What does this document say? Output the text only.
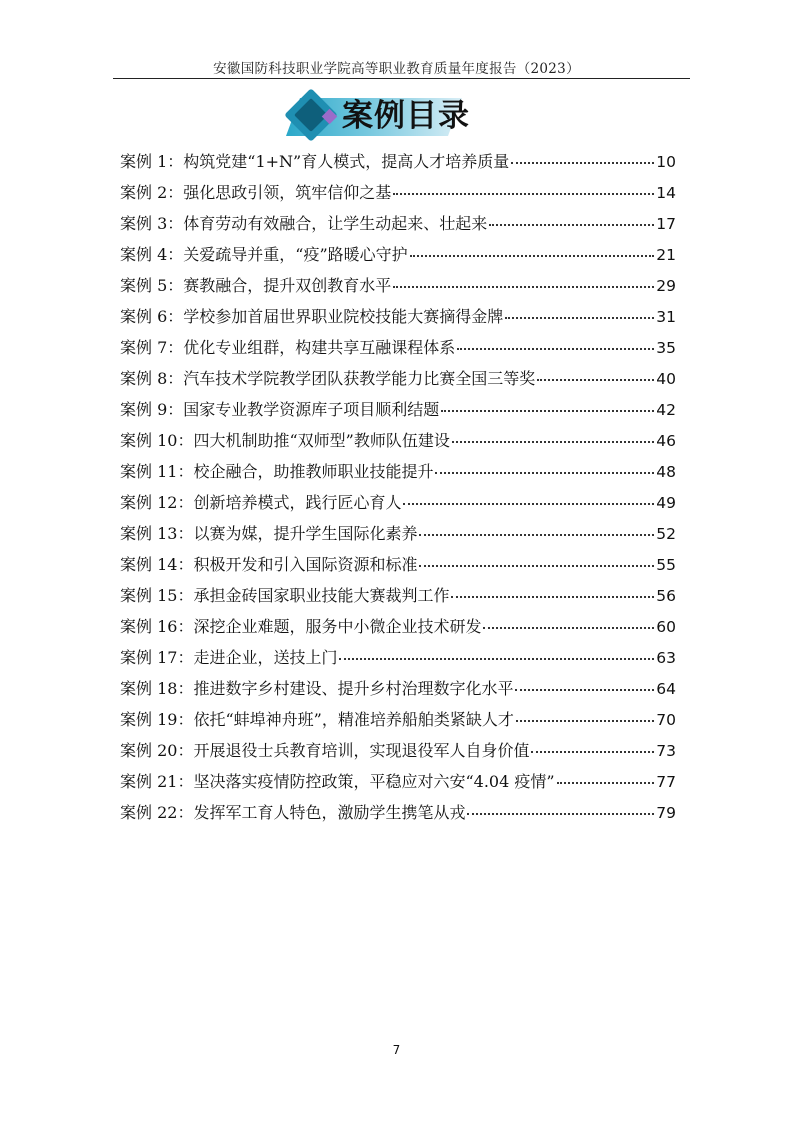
安徽国防科技职业学院高等职业教育质量年度报告（2023）
案例目录
案例 1： 构筑党建“1+N”育人模式，提高人才培养质量	10
案例 2： 强化思政引领，筑牢信仰之基	14
案例 3： 体育劳动有效融合，让学生动起来、壮起来	17
案例 4： 关爱疏导并重，“疫”路暖心守护	21
案例 5： 赛教融合，提升双创教育水平	29
案例 6： 学校参加首届世界职业院校技能大赛摘得金牌	31
案例 7： 优化专业组群，构建共享互融课程体系	35
案例 8： 汽车技术学院教学团队获教学能力比赛全国三等奖	40
案例 9： 国家专业教学资源库子项目顺利结题	42
案例 10： 四大机制助推“双师型”教师队伍建设	46
案例 11： 校企融合，助推教师职业技能提升	48
案例 12： 创新培养模式，践行匠心育人	49
案例 13： 以赛为媒，提升学生国际化素养	52
案例 14： 积极开发和引入国际资源和标准	55
案例 15： 承担金砖国家职业技能大赛裁判工作	56
案例 16： 深挖企业难题，服务中小微企业技术研发	60
案例 17： 走进企业，送技上门	63
案例 18： 推进数字乡村建设、提升乡村治理数字化水平	64
案例 19： 依托“蚌埠神舟班”，精准培养船舶类紧缺人才	70
案例 20： 开展退役士兵教育培训，实现退役军人自身价值	73
案例 21： 坚决落实疫情防控政策，平稳应对六安“4.04 疫情”	77
案例 22： 发挥军工育人特色，激励学生携笔从戎	79
7
